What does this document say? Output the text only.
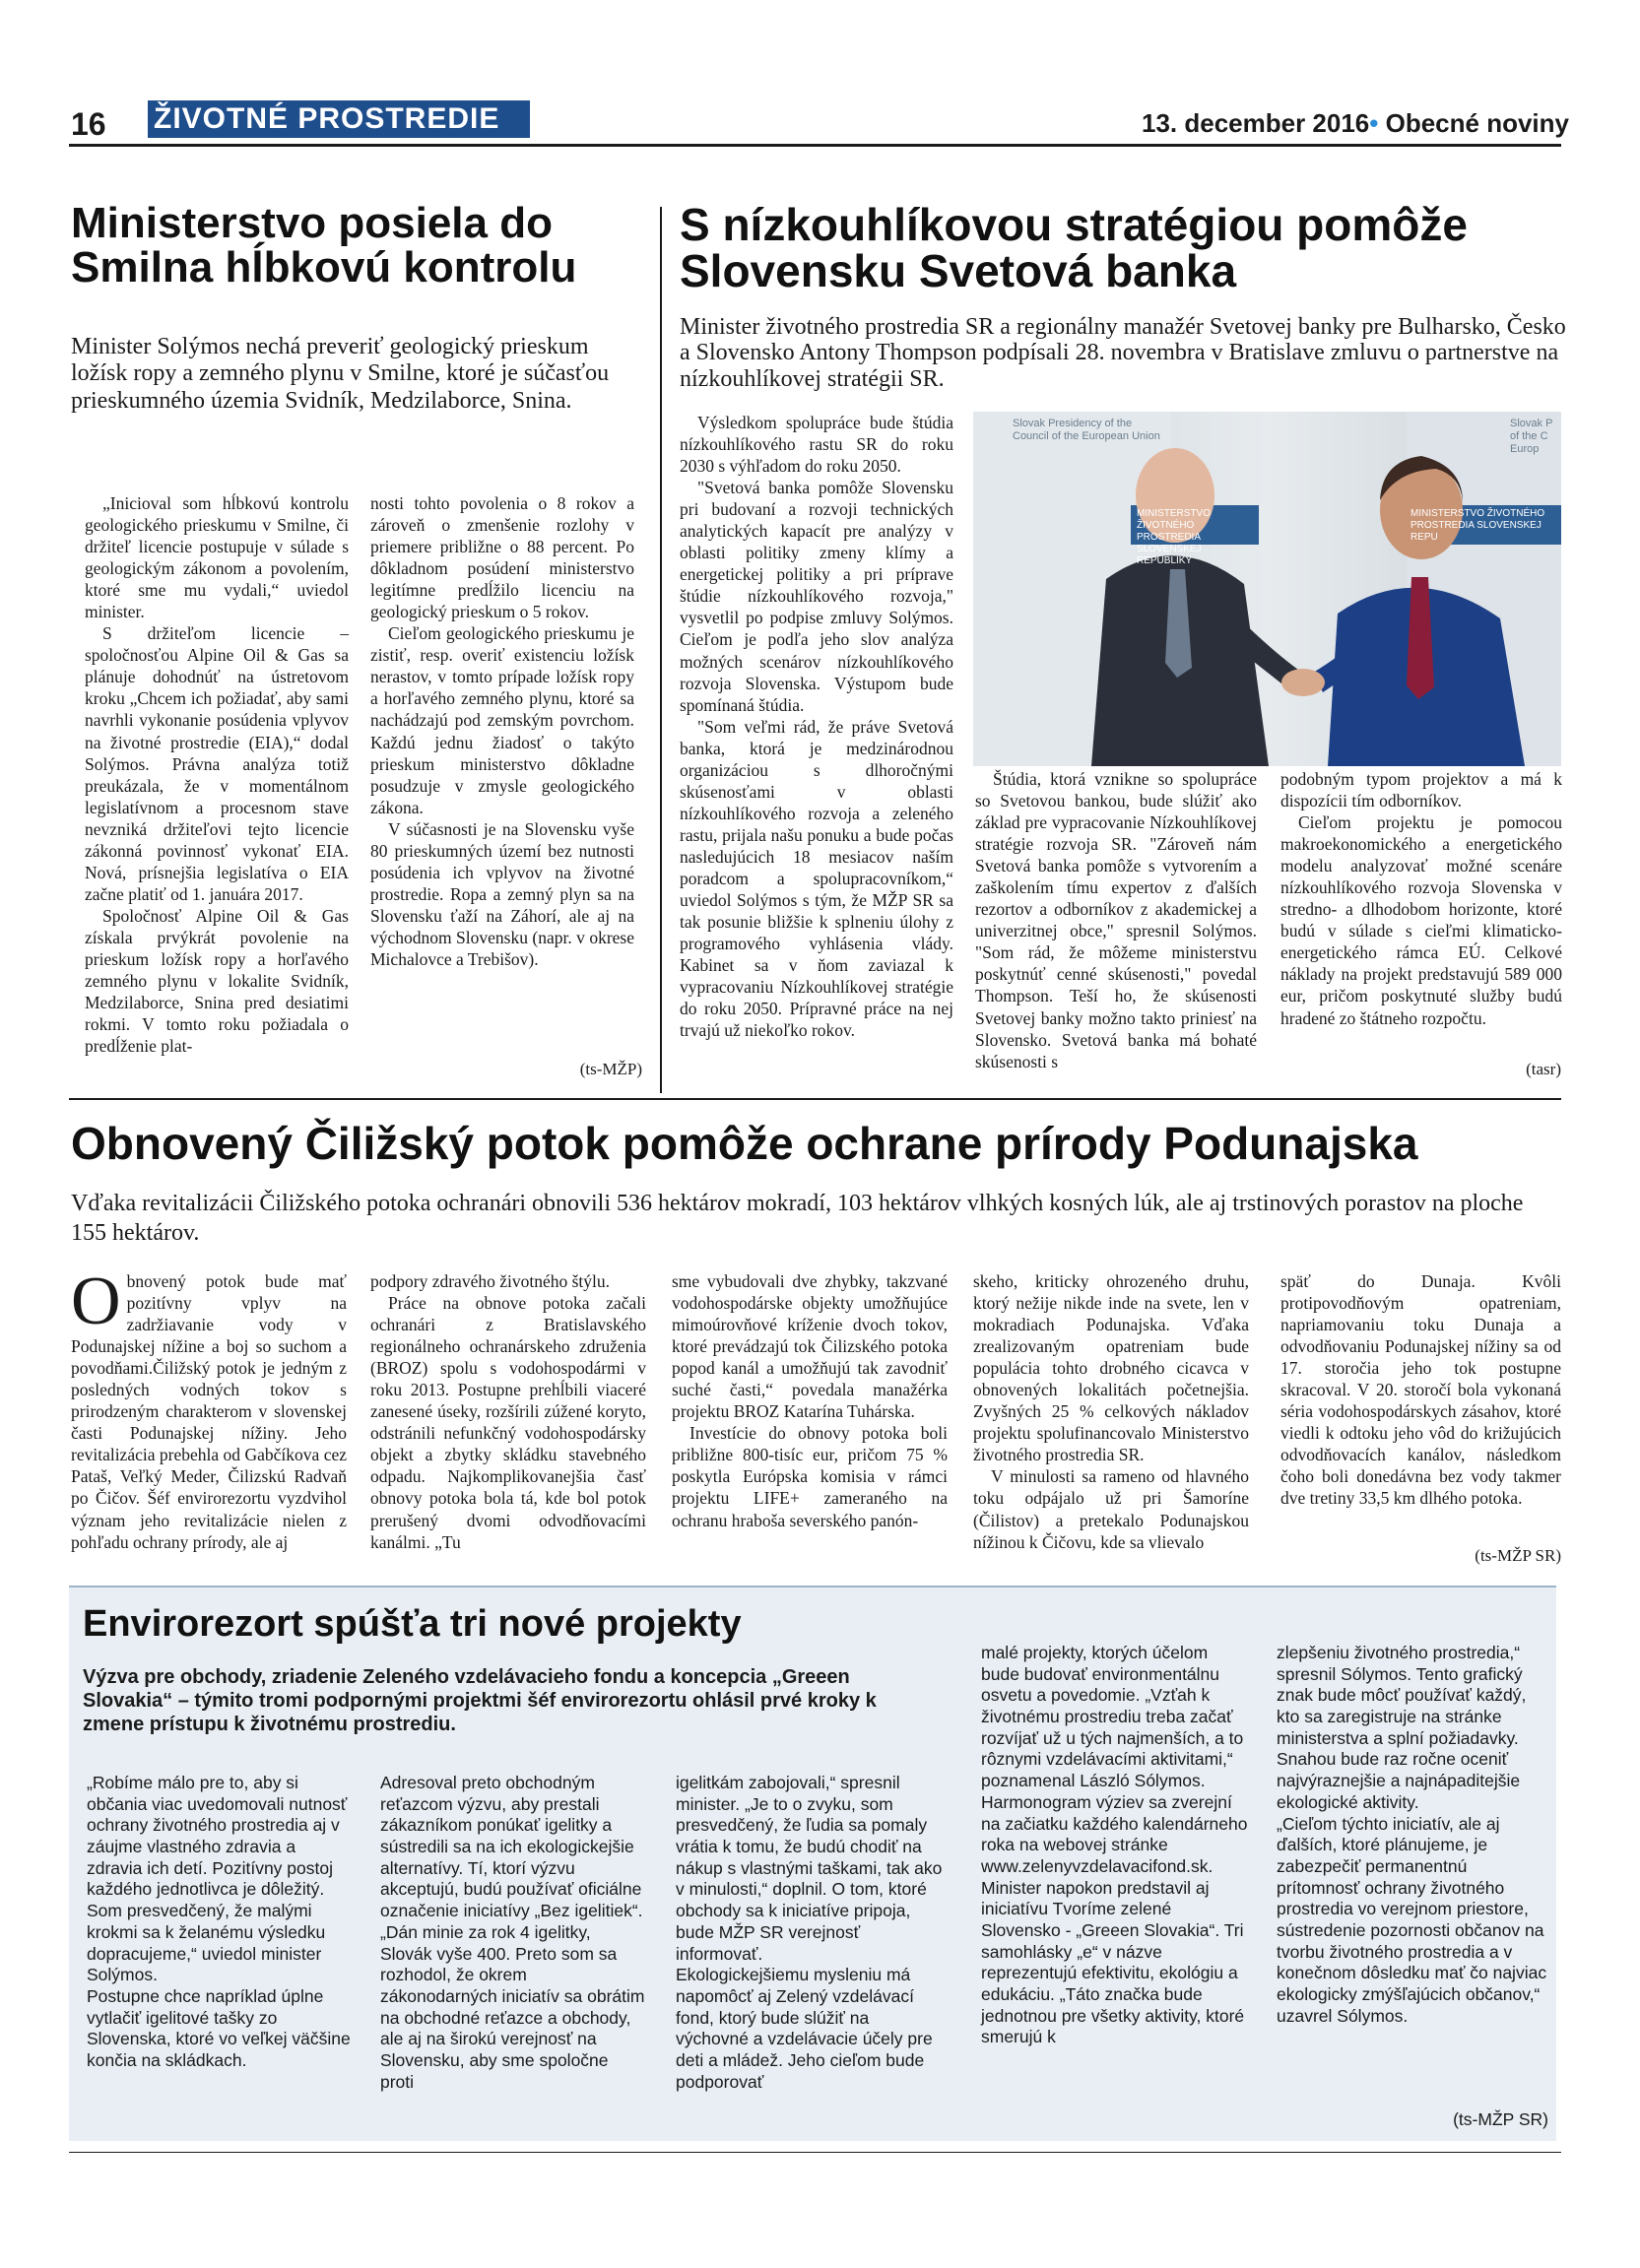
16 ŽIVOTNÉ PROSTREDIE	13. december 2016• Obecné noviny
Ministerstvo posiela do Smilna hĺbkovú kontrolu
Minister Solýmos nechá preveriť geologický prieskum ložísk ropy a zemného plynu v Smilne, ktoré je súčasťou prieskumného územia Svidník, Medzilaborce, Snina.

„Inicioval som hĺbkovú kontrolu geologického prieskumu v Smilne, či držiteľ licencie postupuje v súlade s geologickým zákonom a povolením, ktoré sme mu vydali,“ uviedol minister.

S držiteľom licencie – spoločnosťou Alpine Oil & Gas sa plánuje dohodnúť na ústretovom kroku „Chcem ich požiadať, aby sami navrhli vykonanie posúdenia vplyvov na životné prostredie (EIA),“ dodal Solýmos. Právna analýza totiž preukázala, že v momentálnom legislatívnom a procesnom stave nevzniká držiteľovi tejto licencie zákonná povinnosť vykonať EIA. Nová, prísnejšia legislatíva o EIA začne platiť od 1. januára 2017.

Spoločnosť Alpine Oil & Gas získala prvýkrát povolenie na prieskum ložísk ropy a horľavého zemného plynu v lokalite Svidník, Medzilaborce, Snina pred desiatimi rokmi. V tomto roku požiadala o predĺženie plat-

nosti tohto povolenia o 8 rokov a zároveň o zmenšenie rozlohy v priemere približne o 88 percent. Po dôkladnom posúdení ministerstvo legitímne predĺžilo licenciu na geologický prieskum o 5 rokov.

Cieľom geologického prieskumu je zistiť, resp. overiť existenciu ložísk nerastov, v tomto prípade ložísk ropy a horľavého zemného plynu, ktoré sa nachádzajú pod zemským povrchom. Každú jednu žiadosť o takýto prieskum ministerstvo dôkladne posudzuje v zmysle geologického zákona.

V súčasnosti je na Slovensku vyše 80 prieskumných území bez nutnosti posúdenia ich vplyvov na životné prostredie. Ropa a zemný plyn sa na Slovensku ťaží na Záhorí, ale aj na východnom Slovensku (napr. v okrese Michalovce a Trebišov).

(ts-MŽP)
S nízkouhlíkovou stratégiou pomôže Slovensku Svetová banka
Minister životného prostredia SR a regionálny manažér Svetovej banky pre Bulharsko, Česko a Slovensko Antony Thompson podpísali 28. novembra v Bratislave zmluvu o partnerstve na nízkouhlíkovej stratégii SR.

Výsledkom spolupráce bude štúdia nízkouhlíkového rastu SR do roku 2030 s výhľadom do roku 2050.

"Svetová banka pomôže Slovensku pri budovaní a rozvoji technických analytických kapacít pre analýzy v oblasti politiky zmeny klímy a energetickej politiky a pri príprave štúdie nízkouhlíkového rozvoja," vysvetlil po podpise zmluvy Solýmos. Cieľom je podľa jeho slov analýza možných scenárov nízkouhlíkového rozvoja Slovenska. Výstupom bude spomínaná štúdia.

"Som veľmi rád, že práve Svetová banka, ktorá je medzinárodnou organizáciou s dlhoročnými skúsenosťami v oblasti nízkouhlíkového rozvoja a zeleného rastu, prijala našu ponuku a bude počas nasledujúcich 18 mesiacov naším poradcom a spolupracovníkom,“ uviedol Solýmos s tým, že MŽP SR sa tak posunie bližšie k splneniu úlohy z programového vyhlásenia vlády. Kabinet sa v ňom zaviazal k vypracovaniu Nízkouhlíkovej stratégie do roku 2050. Prípravné práce na nej trvajú už niekoľko rokov.

Slovak Presidency of the Council of the European Union
MINISTERSTVO ŽIVOTNÉHO PROSTREDIA SLOVENSKEJ REPUBLIKY
MINISTERSTVO ŽIVOTNÉHO PROSTREDIA SLOVENSKEJ REPU
Slovak P of the C Europ

Štúdia, ktorá vznikne so spoluprácе so Svetovou bankou, bude slúžiť ako základ pre vypracovanie Nízkouhlíkovej stratégie rozvoja SR. "Zároveň nám Svetová banka pomôže s vytvorením a zaškolením tímu expertov z ďalších rezortov a odborníkov z akademickej a univerzitnej obce," spresnil Solýmos. "Som rád, že môžeme ministerstvu poskytnúť cenné skúsenosti," povedal Thompson. Teší ho, že skúsenosti Svetovej banky možno takto priniesť na Slovensko. Svetová banka má bohaté skúsenosti s

podobným typom projektov a má k dispozícii tím odborníkov.

Cieľom projektu je pomocou makroekonomického a energetického modelu analyzovať možné scenáre nízkouhlíkového rozvoja Slovenska v stredno- a dlhodobom horizonte, ktoré budú v súlade s cieľmi klimaticko-energetického rámca EÚ. Celkové náklady na projekt predstavujú 589 000 eur, pričom poskytnuté služby budú hradené zo štátneho rozpočtu.

(tasr)
Obnovený Čiližský potok pomôže ochrane prírody Podunajska
Vďaka revitalizácii Čiližského potoka ochranári obnovili 536 hektárov mokradí, 103 hektárov vlhkých kosných lúk, ale aj trstinových porastov na ploche 155 hektárov.
O bnovený potok bude mať pozitívny vplyv na zadržiavanie vody v Podunajskej nížine a boj so suchom a povodňami.Čiližský potok je jedným z posledných vodných tokov s prirodzeným charakterom v slovenskej časti Podunajskej nížiny. Jeho revitalizácia prebehla od Gabčíkova cez Pataš, Veľký Meder, Čilizskú Radvaň po Čičov. Šéf envirorezortu vyzdvihol význam jeho revitalizácie nielen z pohľadu ochrany prírody, ale aj

podpory zdravého životného štýlu.

Práce na obnove potoka začali ochranári z Bratislavského regionálneho ochranárskeho združenia (BROZ) spolu s vodohospodármi v roku 2013. Postupne prehĺbili viaceré zanesené úseky, rozšírili zúžené koryto, odstránili nefunkčný vodohospodársky objekt a zbytky skládku stavebného odpadu. Najkomplikovanejšia časť obnovy potoka bola tá, kde bol potok prerušený dvomi odvodňovacími kanálmi. „Tu

sme vybudovali dve zhybky, takzvané vodohospodárske objekty umožňujúce mimoúrovňové kríženie dvoch tokov, ktoré prevádzajú tok Čilizského potoka popod kanál a umožňujú tak zavodniť suché časti,“ povedala manažérka projektu BROZ Katarína Tuhárska.

Investície do obnovy potoka boli približne 800-tisíc eur, pričom 75 % poskytla Európska komisia v rámci projektu LIFE+ zameraného na ochranu hraboša severského panón-

skeho, kriticky ohrozeného druhu, ktorý nežije nikde inde na svete, len v mokradiach Podunajska. Vďaka zrealizovaným opatreniam bude populácia tohto drobného cicavca v obnovených lokalitách početnejšia. Zvyšných 25 % celkových nákladov projektu spolufinancovalo Ministerstvo životného prostredia SR.

V minulosti sa rameno od hlavného toku odpájalo už pri Šamoríne (Čilistov) a pretekalo Podunajskou nížinou k Čičovu, kde sa vlievalo

späť do Dunaja. Kvôli protipovodňovým opatreniam, napriamovaniu toku Dunaja a odvodňovaniu Podunajskej nížiny sa od 17. storočia jeho tok postupne skracoval. V 20. storočí bola vykonaná séria vodohospodárskych zásahov, ktoré viedli k odtoku jeho vôd do križujúcich odvodňovacích kanálov, následkom čoho boli donedávna bez vody takmer dve tretiny 33,5 km dlhého potoka.

(ts-MŽP SR)
Envirorezort spúšťa tri nové projekty
Výzva pre obchody, zriadenie Zeleného vzdelávacieho fondu a koncepcia „Greeen Slovakia“ – týmito tromi podpornými projektmi šéf envirorezortu ohlásil prvé kroky k zmene prístupu k životnému prostrediu.

„Robíme málo pre to, aby si občania viac uvedomovali nutnosť ochrany životného prostredia aj v záujme vlastného zdravia a zdravia ich detí. Pozitívny postoj každého jednotlivca je dôležitý. Som presvedčený, že malými krokmi sa k želanému výsledku dopracujeme,“ uviedol minister Solýmos.

Postupne chce napríklad úplne vytlačiť igelitové tašky zo Slovenska, ktoré vo veľkej väčšine končia na skládkach.

Adresoval preto obchodným reťazcom výzvu, aby prestali zákazníkom ponúkať igelitky a sústredili sa na ich ekologickejšie alternatívy. Tí, ktorí výzvu akceptujú, budú používať oficiálne označenie iniciatívy „Bez igelitiek“. „Dán minie za rok 4 igelitky, Slovák vyše 400. Preto som sa rozhodol, že okrem zákonodarných iniciatív sa obrátim na obchodné reťazce a obchody, ale aj na širokú verejnosť na Slovensku, aby sme spoločne proti

igelitkám zabojovali,“ spresnil minister. „Je to o zvyku, som presvedčený, že ľudia sa pomaly vrátia k tomu, že budú chodiť na nákup s vlastnými taškami, tak ako v minulosti,“ doplnil. O tom, ktoré obchody sa k iniciatíve pripoja, bude MŽP SR verejnosť informovať.

Ekologickejšiemu mysleniu má napomôcť aj Zelený vzdelávací fond, ktorý bude slúžiť na výchovné a vzdelávacie účely pre deti a mládež. Jeho cieľom bude podporovať

malé projekty, ktorých účelom bude budovať environmentálnu osvetu a povedomie. „Vzťah k životnému prostrediu treba začať rozvíjať už u tých najmenších, a to rôznymi vzdelávacími aktivitami,“ poznamenal László Sólymos. Harmonogram výziev sa zverejní na začiatku každého kalendárneho roka na webovej stránke www.zelenyvzdelavacifond.sk.

Minister napokon predstavil aj iniciatívu Tvoríme zelené Slovensko - „Greeen Slovakia“. Tri samohlásky „e“ v názve reprezentujú efektivitu, ekológiu a edukáciu. „Táto značka bude jednotnou pre všetky aktivity, ktoré smerujú k

zlepšeniu životného prostredia,“ spresnil Sólymos. Tento grafický znak bude môcť používať každý, kto sa zaregistruje na stránke ministerstva a splní požiadavky. Snahou bude raz ročne oceniť najvýraznejšie a najnápaditejšie ekologické aktivity.

„Cieľom týchto iniciatív, ale aj ďalších, ktoré plánujeme, je zabezpečiť permanentnú prítomnosť ochrany životného prostredia vo verejnom priestore, sústredenie pozornosti občanov na tvorbu životného prostredia a v konečnom dôsledku mať čo najviac ekologicky zmýšľajúcich občanov,“ uzavrel Sólymos.

(ts-MŽP SR)
